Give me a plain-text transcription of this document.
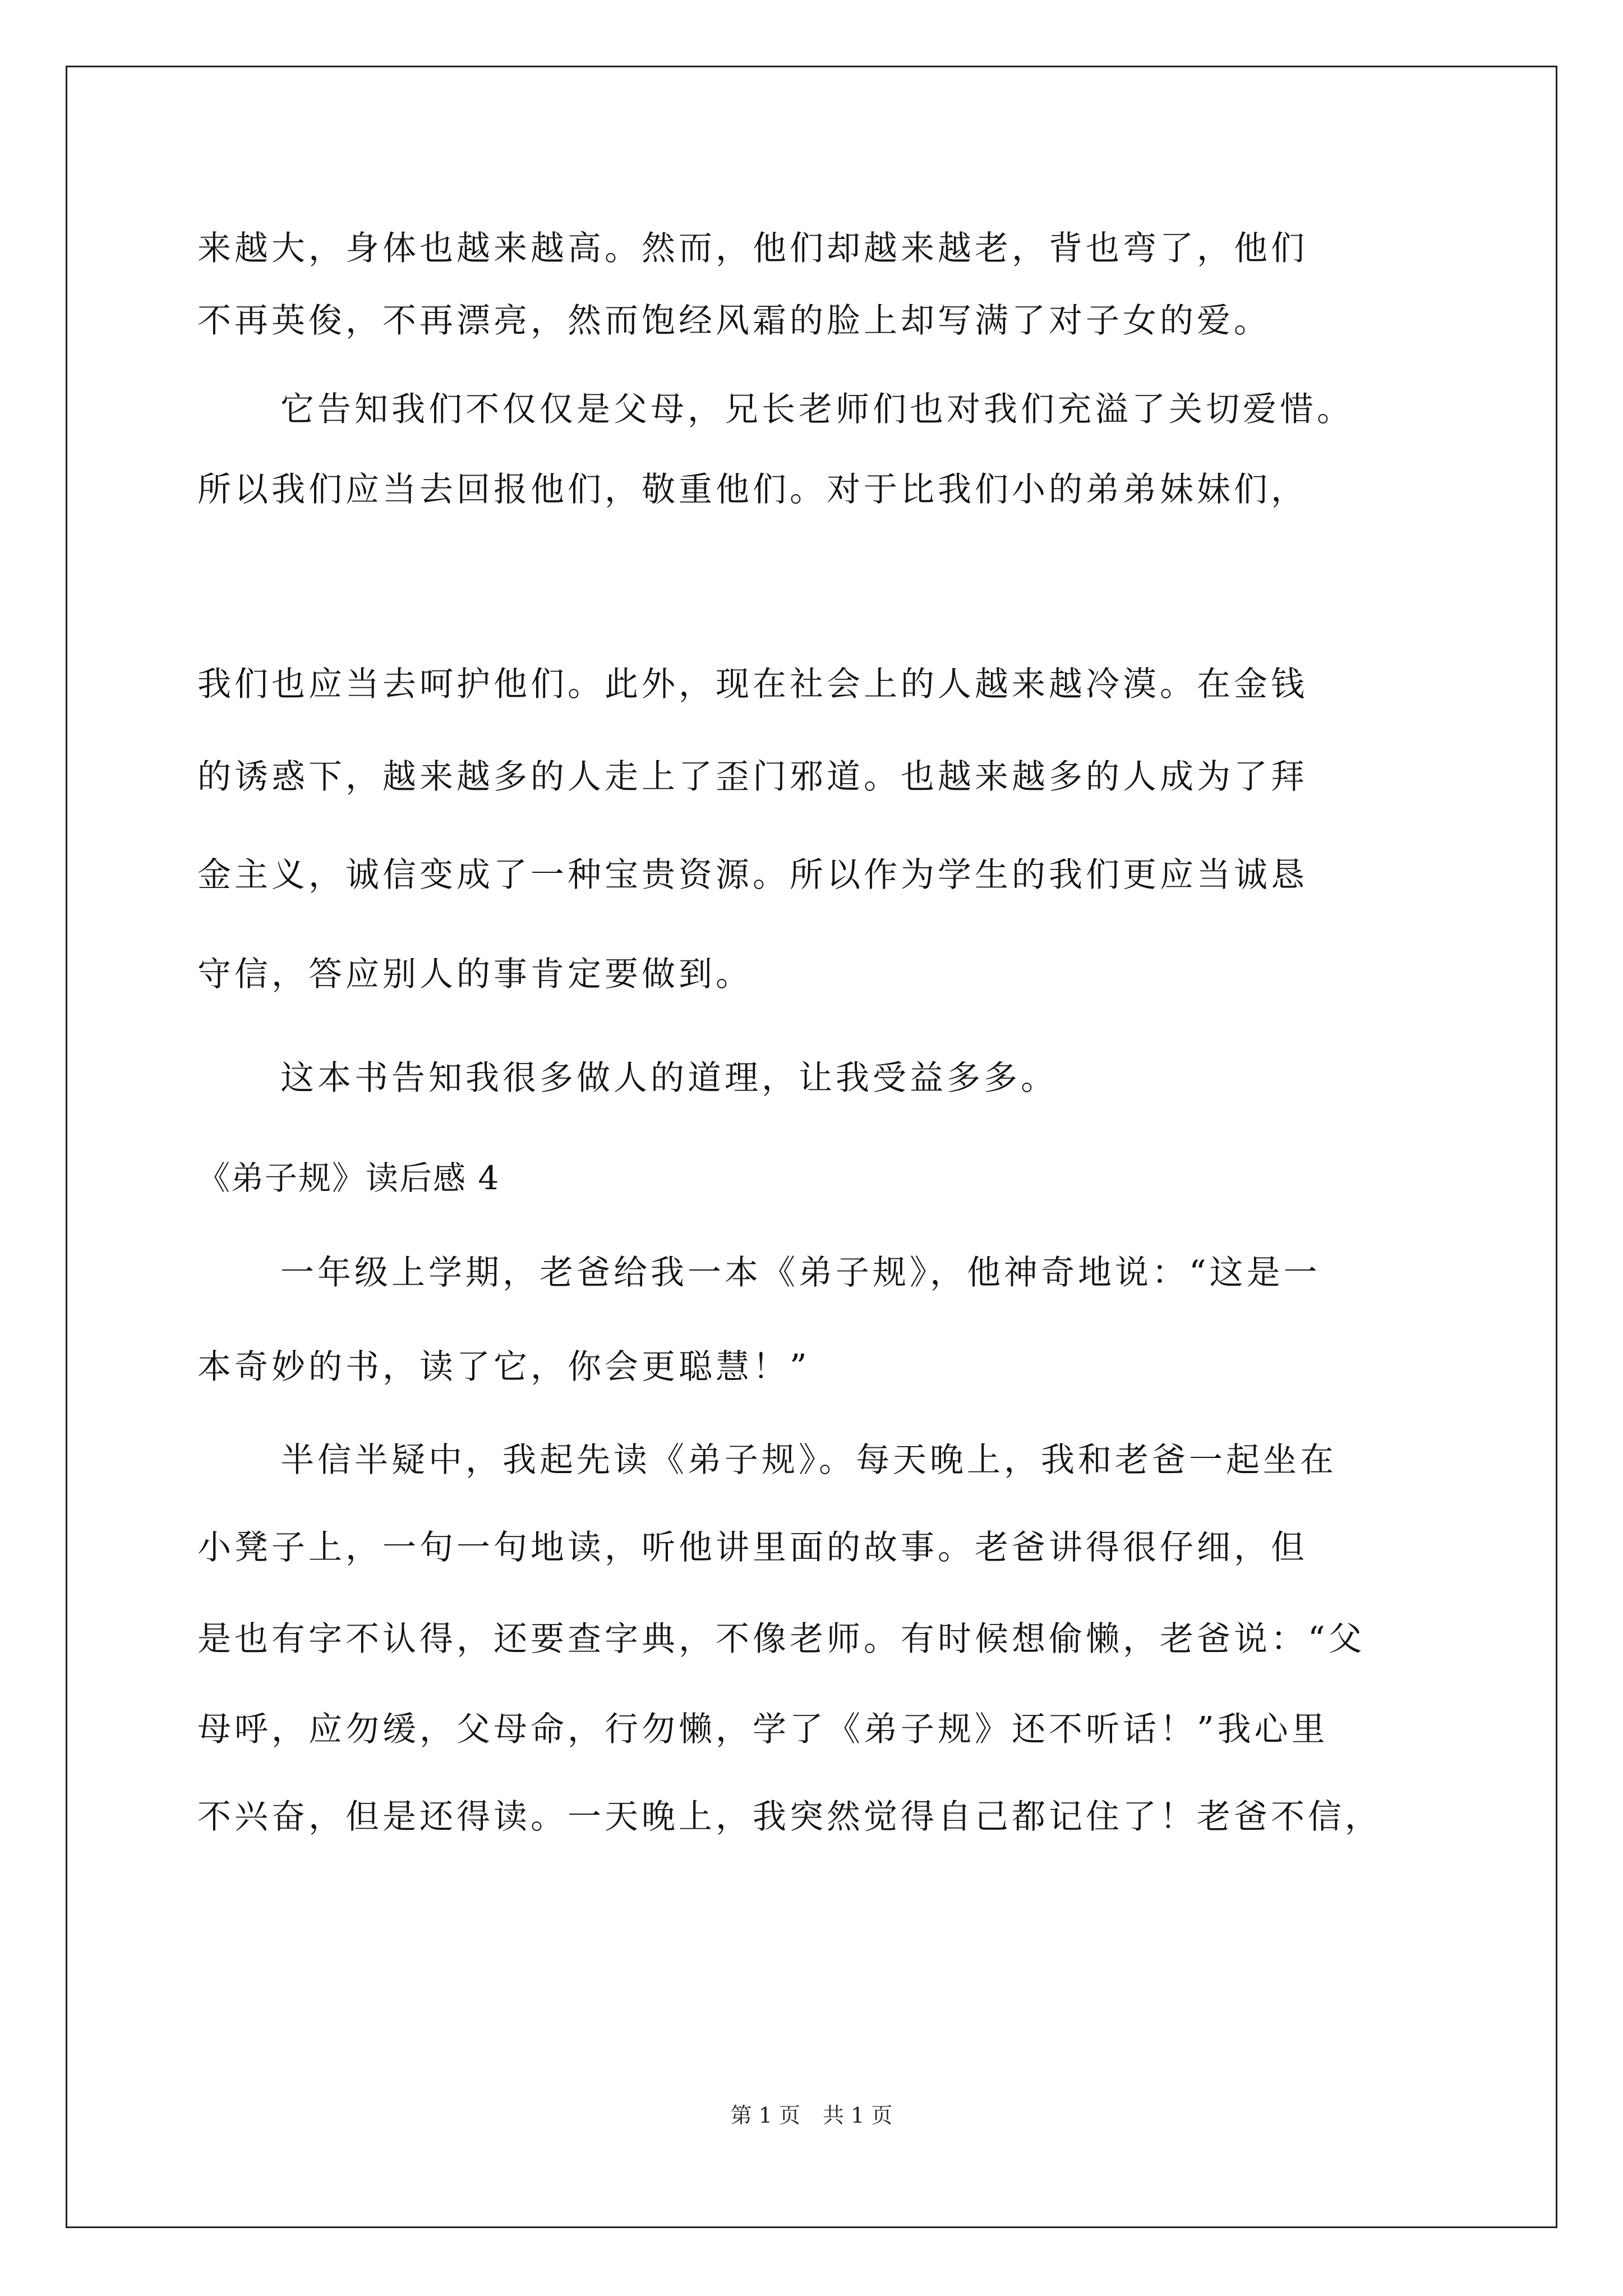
来越大，身体也越来越高。然而，他们却越来越老，背也弯了，他们
不再英俊，不再漂亮，然而饱经风霜的脸上却写满了对子女的爱。
它告知我们不仅仅是父母，兄长老师们也对我们充溢了关切爱惜。
所以我们应当去回报他们，敬重他们。对于比我们小的弟弟妹妹们，
我们也应当去呵护他们。此外，现在社会上的人越来越冷漠。在金钱
的诱惑下，越来越多的人走上了歪门邪道。也越来越多的人成为了拜
金主义，诚信变成了一种宝贵资源。所以作为学生的我们更应当诚恳
守信，答应别人的事肯定要做到。
这本书告知我很多做人的道理，让我受益多多。
《弟子规》读后感 4
一年级上学期，老爸给我一本《弟子规》，他神奇地说：“这是一
本奇妙的书，读了它，你会更聪慧！”
半信半疑中，我起先读《弟子规》。每天晚上，我和老爸一起坐在
小凳子上，一句一句地读，听他讲里面的故事。老爸讲得很仔细，但
是也有字不认得，还要查字典，不像老师。有时候想偷懒，老爸说：“父
母呼，应勿缓，父母命，行勿懒，学了《弟子规》还不听话！”我心里
不兴奋，但是还得读。一天晚上，我突然觉得自己都记住了！老爸不信，
第 1 页 共 1 页
